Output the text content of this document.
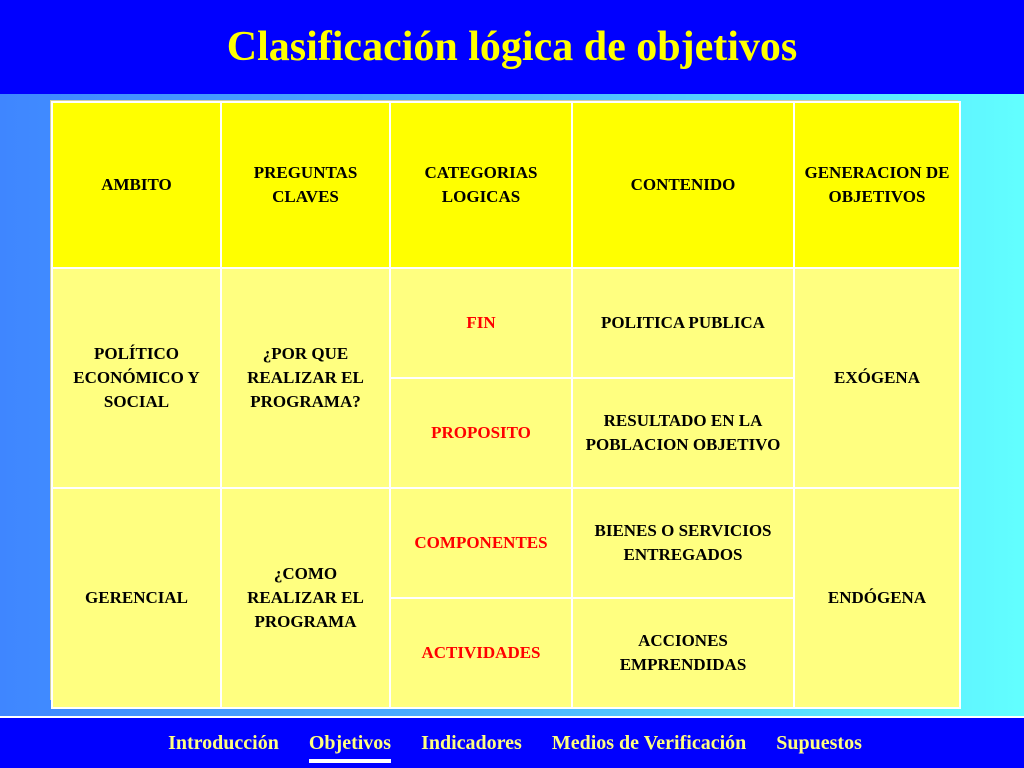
Clasificación lógica de objetivos
AMBITO	PREGUNTAS CLAVES	CATEGORIAS LOGICAS	CONTENIDO	GENERACION DE OBJETIVOS
POLÍTICO ECONÓMICO Y SOCIAL	¿POR QUE REALIZAR EL PROGRAMA?	FIN	POLITICA PUBLICA	EXÓGENA
		PROPOSITO	RESULTADO EN LA POBLACION OBJETIVO	
GERENCIAL	¿COMO REALIZAR EL PROGRAMA	COMPONENTES	BIENES O SERVICIOS ENTREGADOS	ENDÓGENA
		ACTIVIDADES	ACCIONES EMPRENDIDAS	
Introducción Objetivos Indicadores Medios de Verificación Supuestos
